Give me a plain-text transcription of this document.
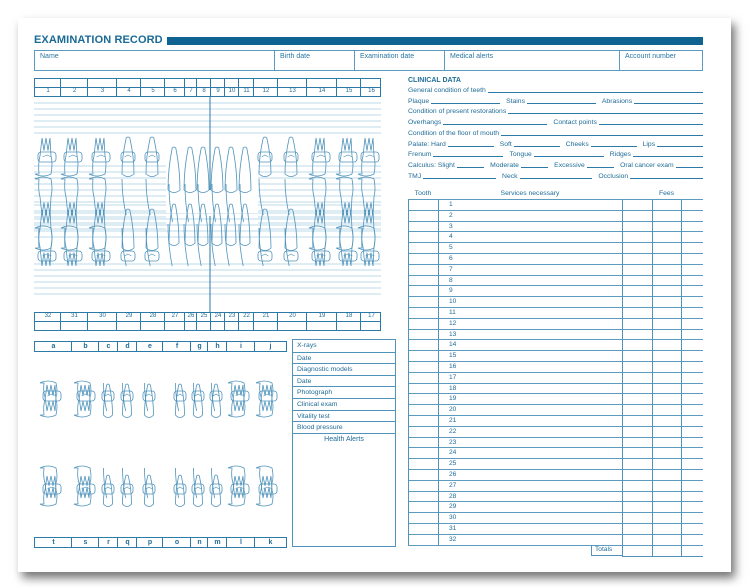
EXAMINATION RECORD
Name	Birth date	Examination date	Medical alerts	Account number
1	2	3	4	5	6	7	8	9	10	11	12	13	14	15	16
32	31	30	29	28	27	26	25	24	23	22	21	20	19	18	17
a	b	c	d	e	f	g	h	i	j
t	s	r	q	p	o	n	m	l	k
X-rays
Date
Diagnostic models
Date
Photograph
Clinical exam
Vitality test
Blood pressure
Health Alerts
CLINICAL DATA
General condition of teeth
Plaque	Stains	Abrasions
Condition of present restorations
Overhangs	Contact points
Condition of the floor of mouth
Palate: Hard	Soft	Cheeks	Lips
Frenum	Tongue	Ridges
Calculus: Slight	Moderate	Excessive	Oral cancer exam
TMJ	Neck	Occlusion
Tooth	Services necessary	Fees
1
2
3
4
5
6
7
8
9
10
11
12
13
14
15
16
17
18
19
20
21
22
23
24
25
26
27
28
29
30
31
32
Totals
